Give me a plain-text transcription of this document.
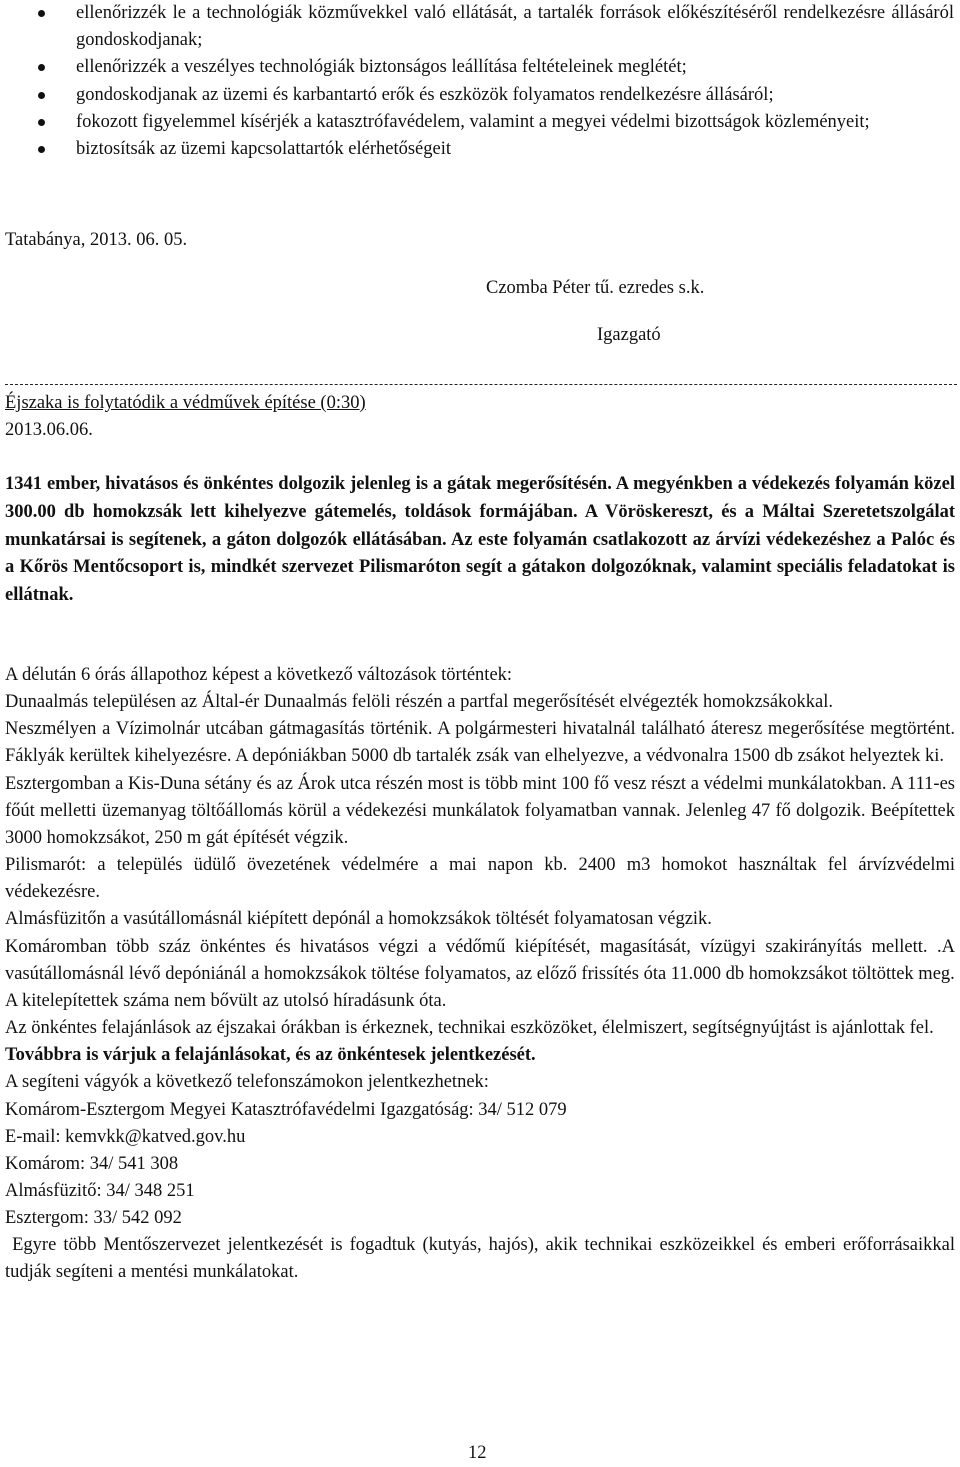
ellenőrizzék le a technológiák közművekkel való ellátását, a tartalék források előkészítéséről rendelkezésre állásáról gondoskodjanak;
ellenőrizzék a veszélyes technológiák biztonságos leállítása feltételeinek meglétét;
gondoskodjanak az üzemi és karbantartó erők és eszközök folyamatos rendelkezésre állásáról;
fokozott figyelemmel kísérjék a katasztrófavédelem, valamint a megyei védelmi bizottságok közleményeit;
biztosítsák az üzemi kapcsolattartók elérhetőségeit
Tatabánya, 2013. 06. 05.
Czomba Péter tű. ezredes s.k.
Igazgató
Éjszaka is folytatódik a védművek építése (0:30)
2013.06.06.

1341 ember, hivatásos és önkéntes dolgozik jelenleg is a gátak megerősítésén. A megyénkben a védekezés folyamán közel 300.00 db homokzsák lett kihelyezve gátemelés, toldások formájában. A Vöröskereszt, és a Máltai Szeretetszolgálat munkatársai is segítenek, a gáton dolgozók ellátásában. Az este folyamán csatlakozott az árvízi védekezéshez a Palóc és a Kőrös Mentőcsoport is, mindkét szervezet Pilismaróton segít a gátakon dolgozóknak, valamint speciális feladatokat is ellátnak.

A délután 6 órás állapothoz képest a következő változások történtek:

Dunaalmás településen az Által-ér Dunaalmás felöli részén a partfal megerősítését elvégezték homokzsákokkal.

Neszmélyen a Vízimolnár utcában gátmagasítás történik. A polgármesteri hivatalnál található áteresz megerősítése megtörtént. Fáklyák kerültek kihelyezésre. A depóniákban 5000 db tartalék zsák van elhelyezve, a védvonalra 1500 db zsákot helyeztek ki.

Esztergomban a Kis-Duna sétány és az Árok utca részén most is több mint 100 fő vesz részt a védelmi munkálatokban. A 111-es főút melletti üzemanyag töltőállomás körül a védekezési munkálatok folyamatban vannak. Jelenleg 47 fő dolgozik. Beépítettek 3000 homokzsákot, 250 m gát építését végzik.

Pilismarót: a település üdülő övezetének védelmére a mai napon kb. 2400 m3 homokot használtak fel árvízvédelmi védekezésre.

Almásfüzitőn a vasútállomásnál kiépített depónál a homokzsákok töltését folyamatosan végzik.

Komáromban több száz önkéntes és hivatásos végzi a védőmű kiépítését, magasítását, vízügyi szakirányítás mellett. .A vasútállomásnál lévő depóniánál a homokzsákok töltése folyamatos, az előző frissítés óta 11.000 db homokzsákot töltöttek meg.

A kitelepítettek száma nem bővült az utolsó híradásunk óta.

Az önkéntes felajánlások az éjszakai órákban is érkeznek, technikai eszközöket, élelmiszert, segítségnyújtást is ajánlottak fel.

Továbbra is várjuk a felajánlásokat, és az önkéntesek jelentkezését.

A segíteni vágyók a következő telefonszámokon jelentkezhetnek:

Komárom-Esztergom Megyei Katasztrófavédelmi Igazgatóság: 34/ 512 079

E-mail: kemvkk@katved.gov.hu

Komárom: 34/ 541 308

Almásfüzitő: 34/ 348 251

Esztergom: 33/ 542 092

Egyre több Mentőszervezet jelentkezését is fogadtuk (kutyás, hajós), akik technikai eszközeikkel és emberi erőforrásaikkal tudják segíteni a mentési munkálatokat.

12
